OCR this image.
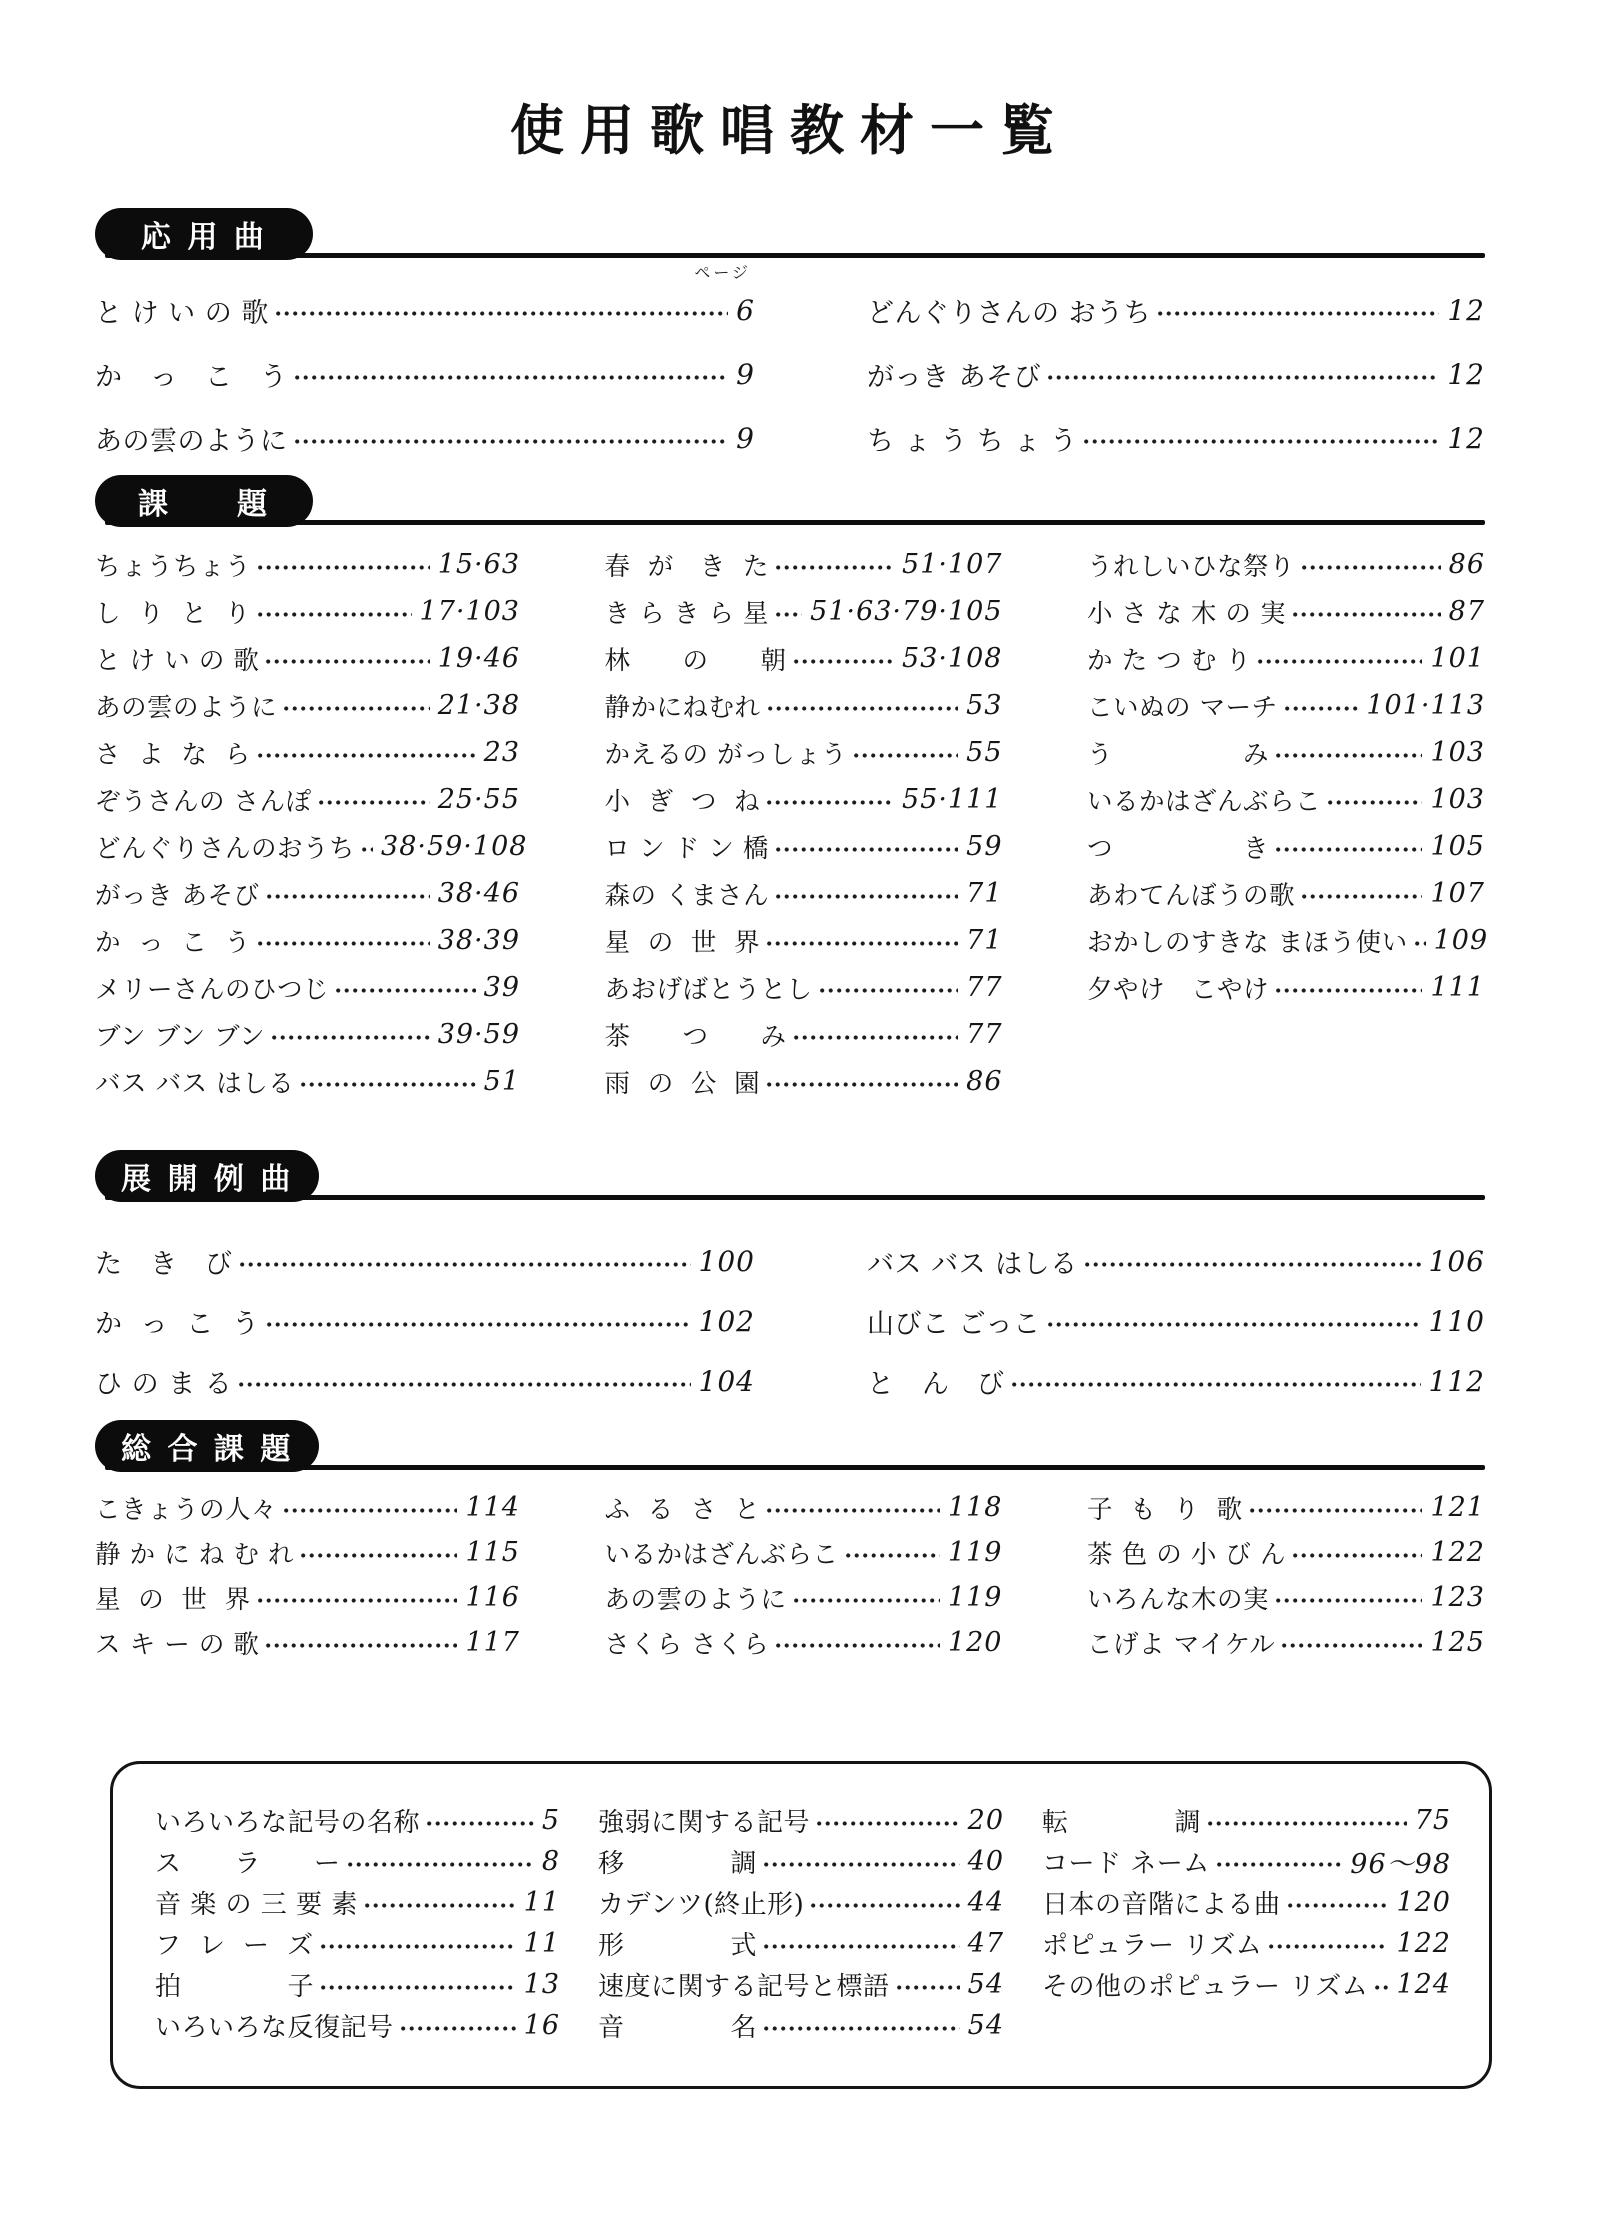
使用歌唱教材一覧
応 用 曲
ページ
と け い の 歌	6
か　っ　こ　う	9
あの雲のように	9
どんぐりさんの おうち	12
がっき あそび	12
ち ょ う ち ょ う	12
課　　題
ちょうちょう	15·63
し  り  と  り	17·103
と け い の 歌	19·46
あの雲のように	21·38
さ  よ  な  ら	23
ぞうさんの さんぽ	25·55
どんぐりさんのおうち 38·59·108
がっき あそび	38·46
か  っ  こ  う	38·39
メリーさんのひつじ	39
ブン ブン ブン	39·59
バス バス はしる	51
春  が　き  た	51·107
き ら き ら 星 51·63·79·105
林　　の　　朝	53·108
静かにねむれ	53
かえるの がっしょう	55
小  ぎ  つ  ね	55·111
ロ ン ド ン 橋	59
森の くまさん	71
星  の  世  界	71
あおげばとうとし	77
茶　　つ　　み	77
雨  の  公  園	86
うれしいひな祭り	86
小 さ な 木 の 実	87
か た つ む り	101
こいぬの マーチ	101·113
う　　　　　み	103
いるかはざんぶらこ	103
つ　　　　　き	105
あわてんぼうの歌	107
おかしのすきな まほう使い 109
夕やけ　こやけ	111
展 開 例 曲
た　き　び	100
か  っ  こ  う	102
ひ の ま る	104
バス バス はしる	106
山びこ ごっこ	110
と　ん　び	112
総 合 課 題
こきょうの人々	114
静 か に ね む れ	115
星  の  世  界	116
ス キ ー の 歌	117
ふ  る  さ  と	118
いるかはざんぶらこ	119
あの雲のように	119
さくら さくら	120
子  も  り  歌	121
茶 色 の 小 び ん	122
いろんな木の実	123
こげよ マイケル	125
いろいろな記号の名称	5
ス　　ラ　　ー	8
音 楽 の 三 要 素	11
フ  レ  ー  ズ	11
拍　　　　子	13
いろいろな反復記号	16
強弱に関する記号	20
移　　　　調	40
カデンツ(終止形)	44
形　　　　式	47
速度に関する記号と標語	54
音　　　　名	54
転　　　　調	75
コード ネーム	96〜98
日本の音階による曲	120
ポピュラー リズム	122
その他のポピュラー リズム 124
